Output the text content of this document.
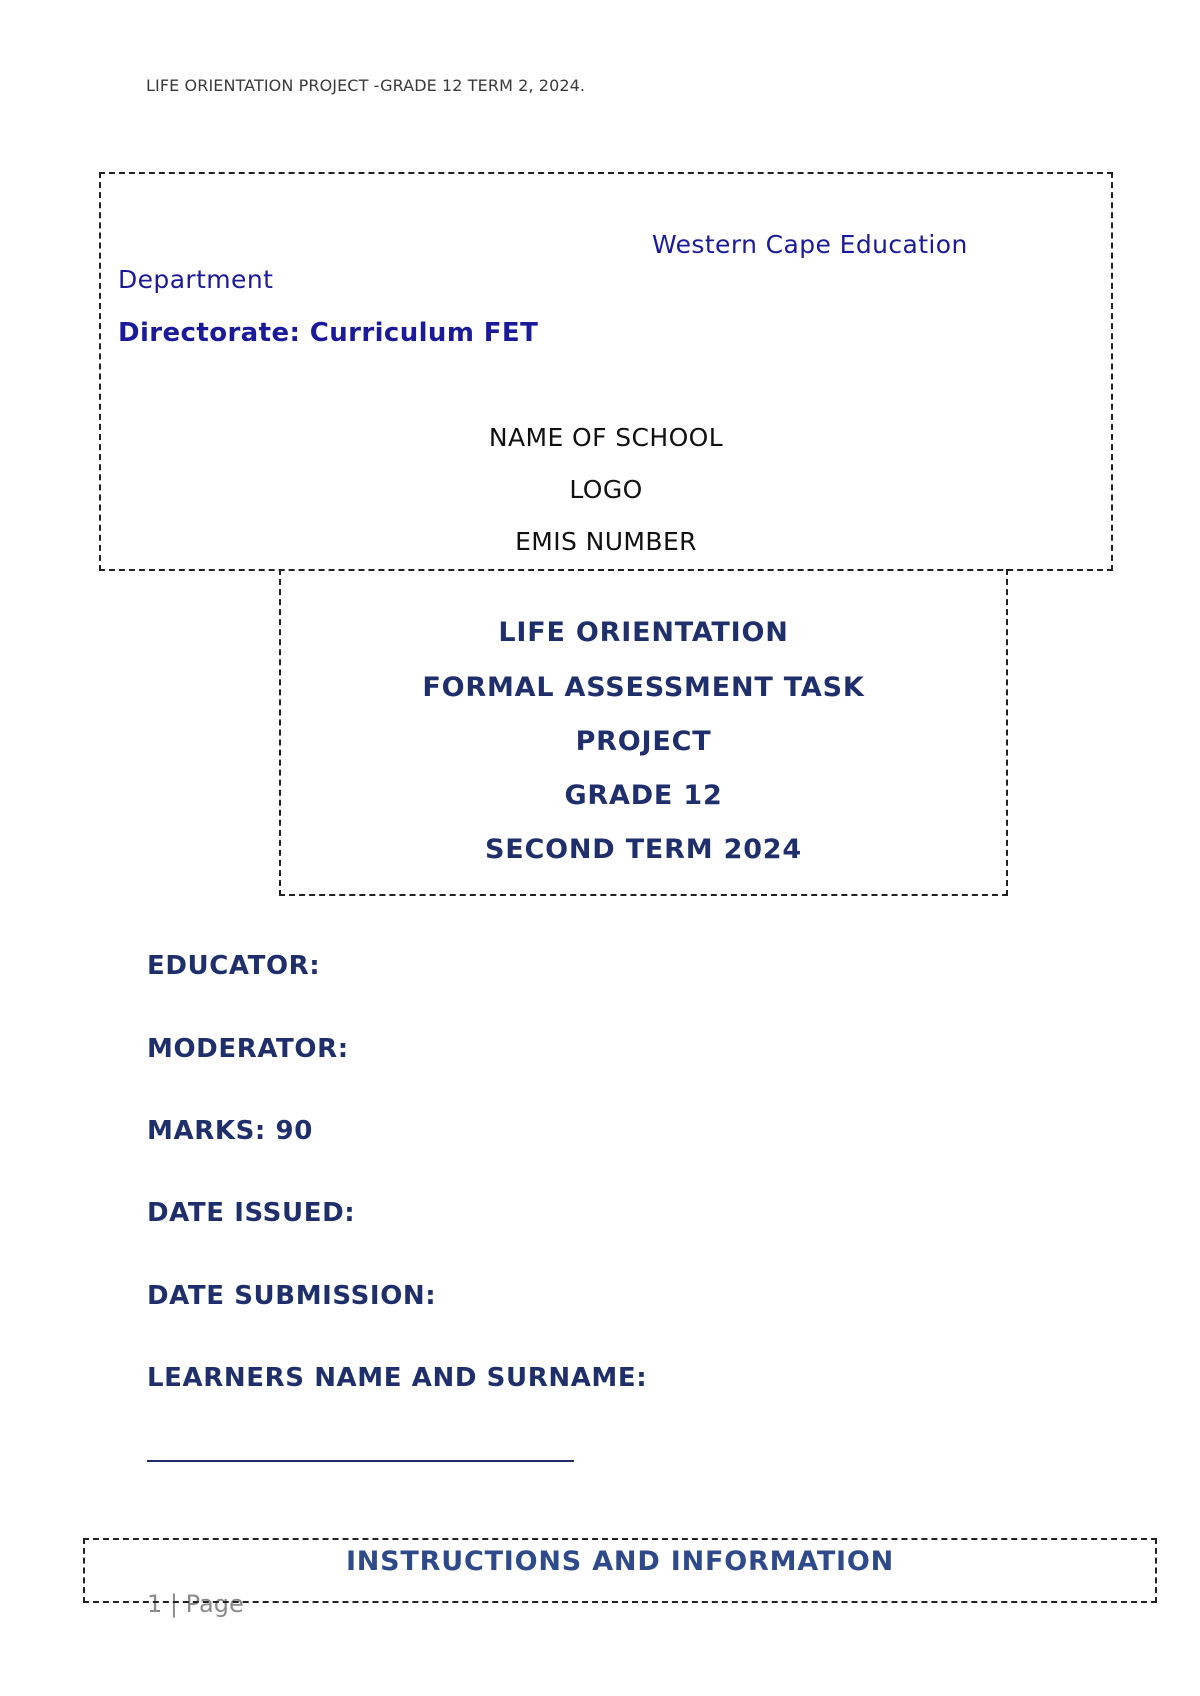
LIFE ORIENTATION PROJECT -GRADE 12 TERM 2, 2024.
Western Cape Education
Department
Directorate: Curriculum FET
NAME OF SCHOOL
LOGO
EMIS NUMBER
LIFE ORIENTATION
FORMAL ASSESSMENT TASK
PROJECT
GRADE 12
SECOND TERM 2024
EDUCATOR:
MODERATOR:
MARKS: 90
DATE ISSUED:
DATE SUBMISSION:
LEARNERS NAME AND SURNAME:
1 | Page
INSTRUCTIONS AND INFORMATION
